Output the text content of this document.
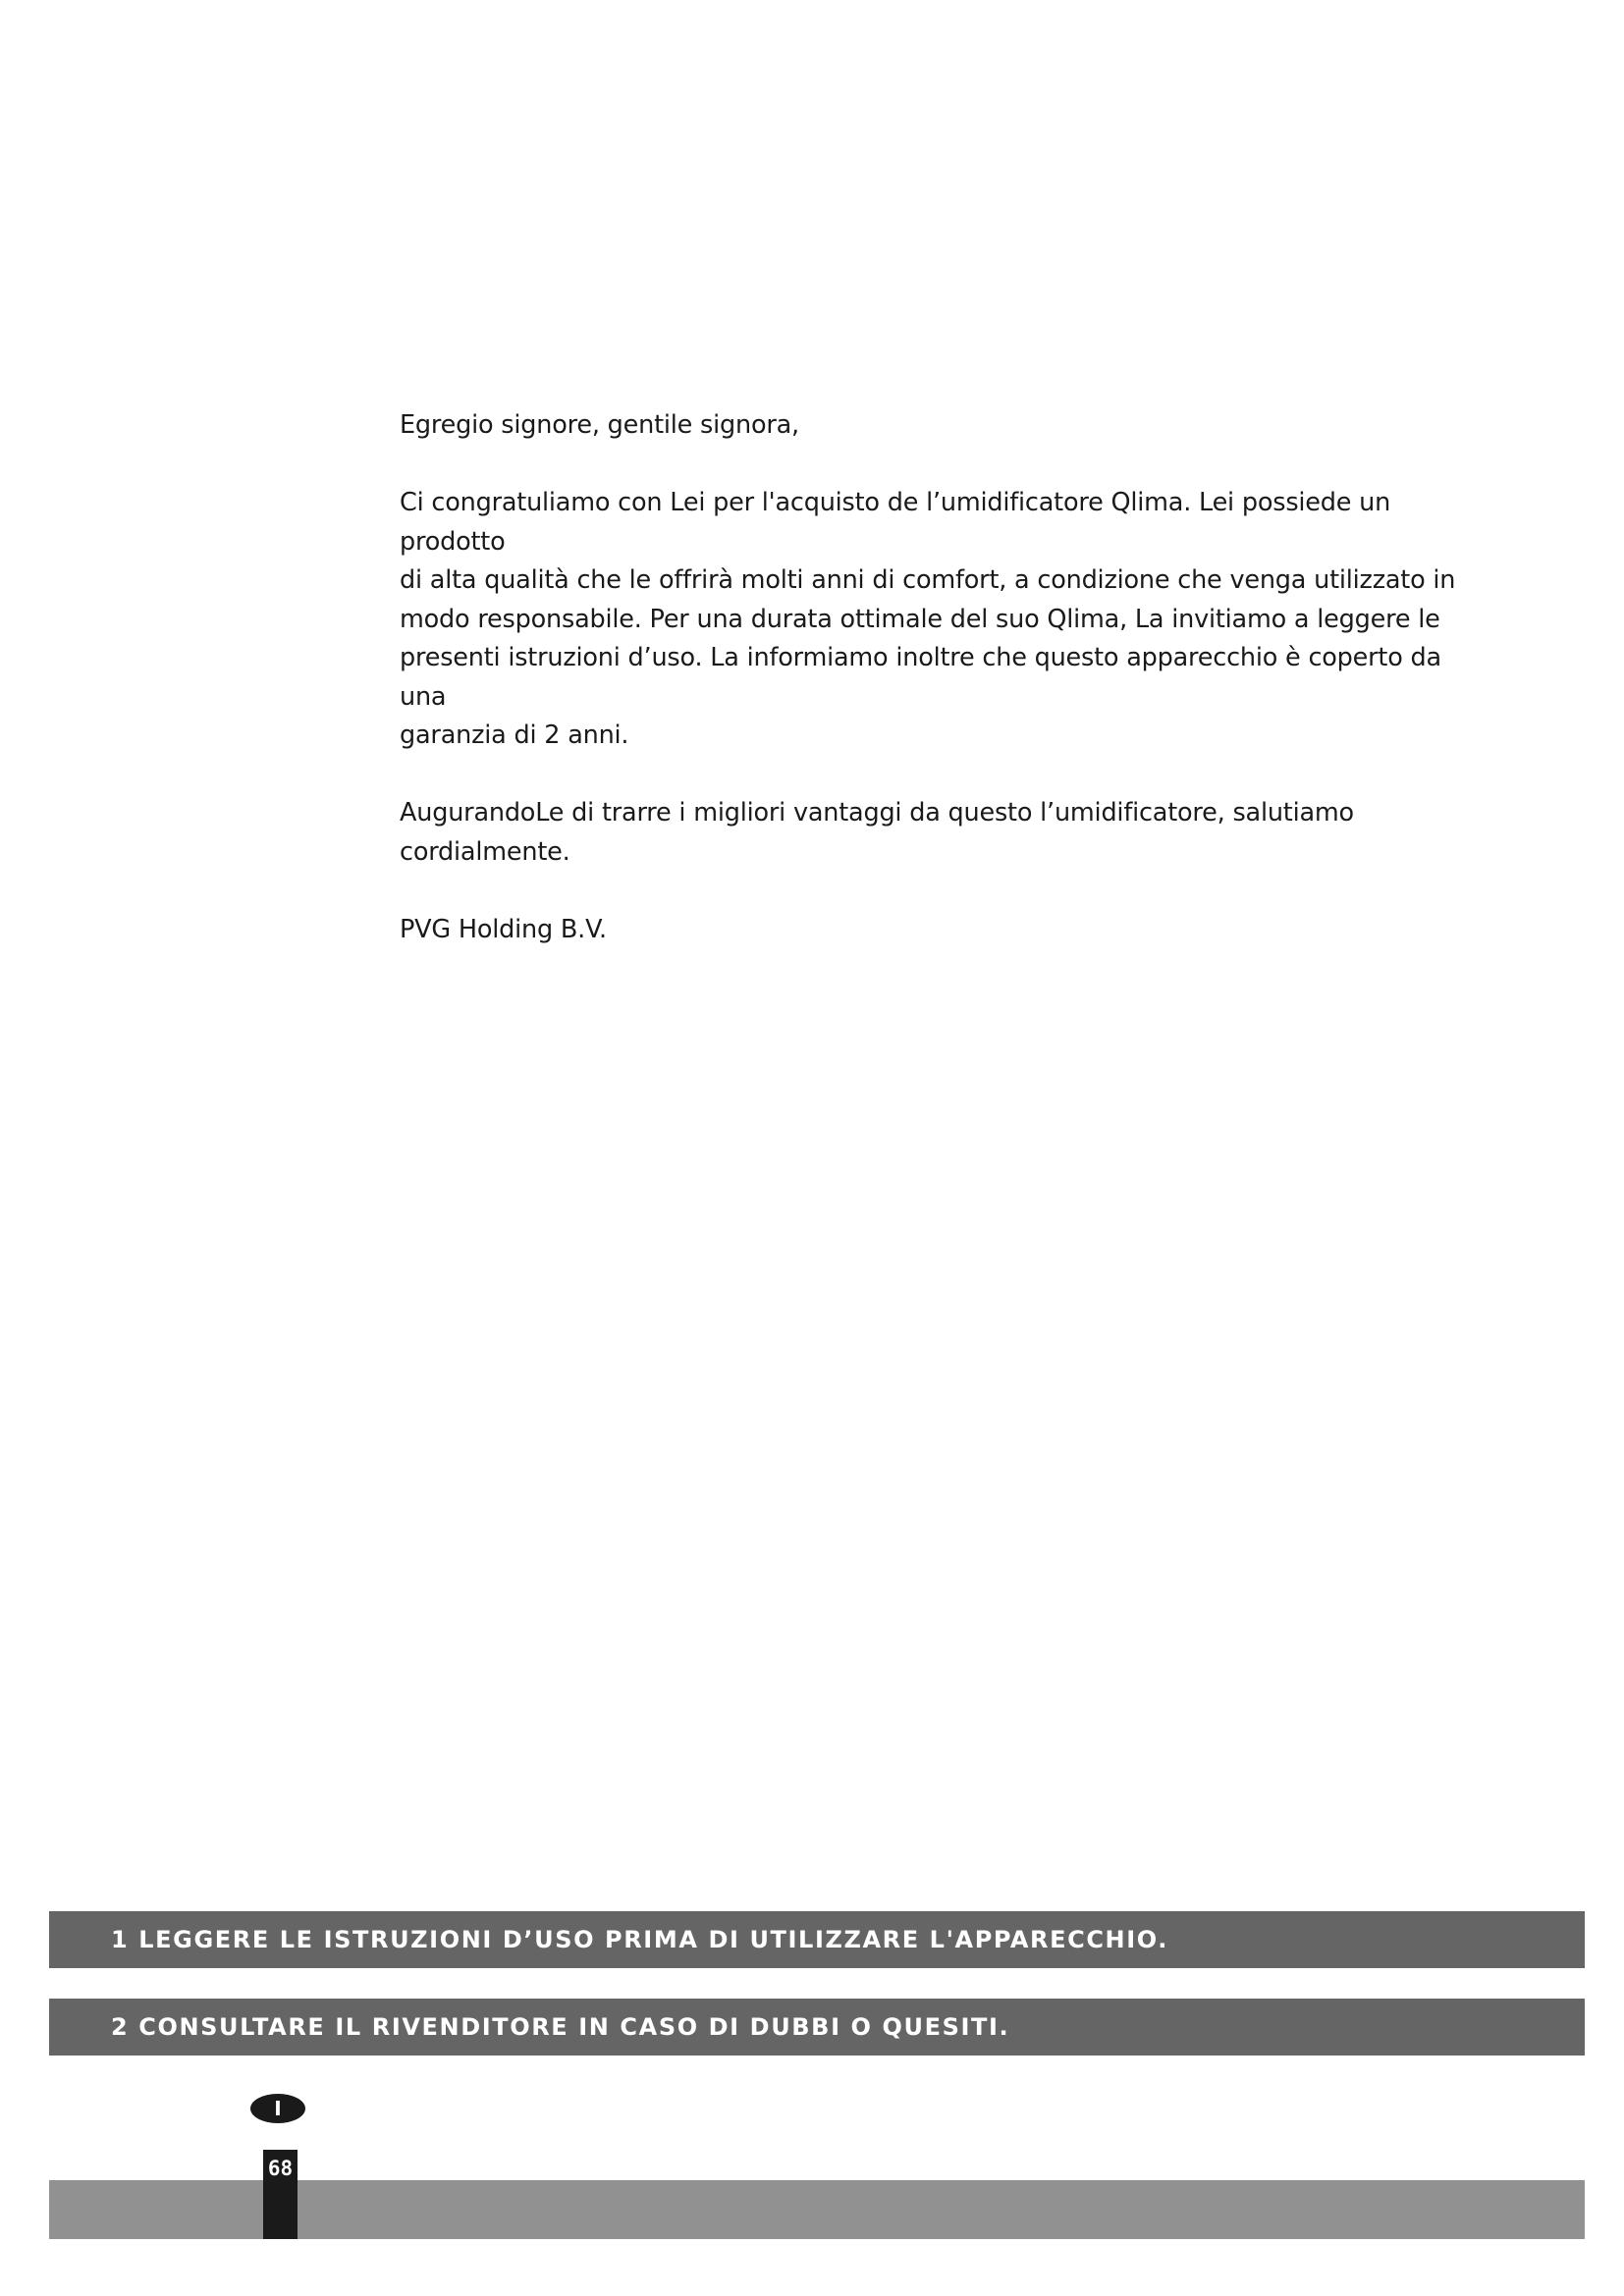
Egregio signore, gentile signora,

Ci congratuliamo con Lei per l'acquisto de l’umidificatore Qlima. Lei possiede un prodotto
di alta qualità che le offrirà molti anni di comfort, a condizione che venga utilizzato in
modo responsabile. Per una durata ottimale del suo Qlima, La invitiamo a leggere le
presenti istruzioni d’uso. La informiamo inoltre che questo apparecchio è coperto da una
garanzia di 2 anni.

AugurandoLe di trarre i migliori vantaggi da questo l’umidificatore, salutiamo
cordialmente.

PVG Holding B.V.

1 LEGGERE LE ISTRUZIONI D’USO PRIMA DI UTILIZZARE L'APPARECCHIO.
2 CONSULTARE IL RIVENDITORE IN CASO DI DUBBI O QUESITI.
I
68
